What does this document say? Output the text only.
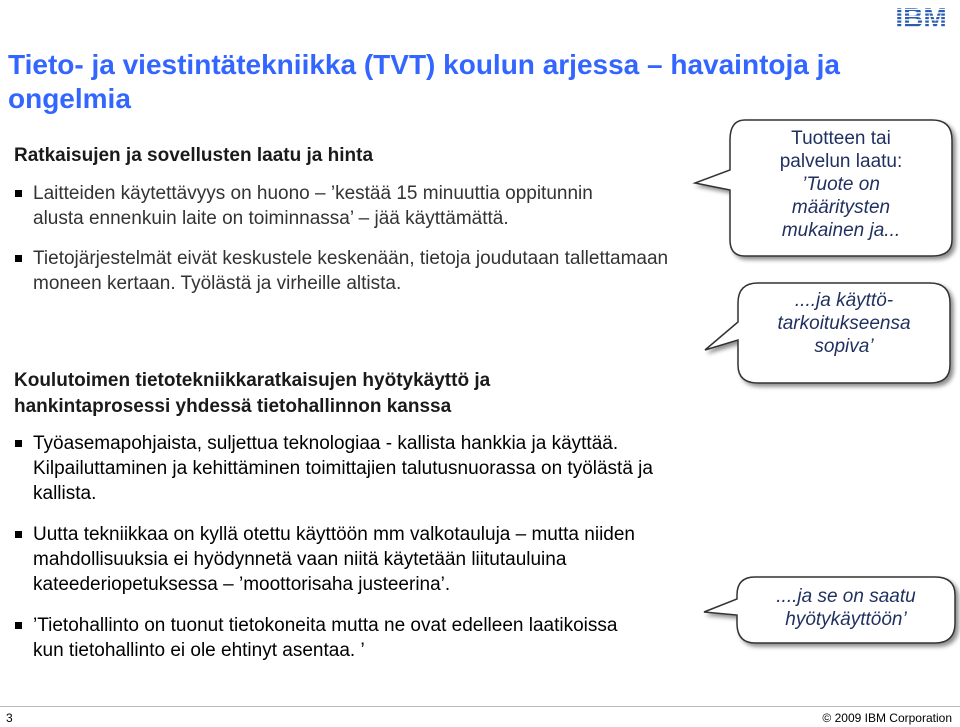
IBM
Tieto- ja viestintätekniikka (TVT) koulun arjessa – havaintoja ja ongelmia
Ratkaisujen ja sovellusten laatu ja hinta
Laitteiden käytettävyys on huono – ’kestää 15 minuuttia oppitunnin alusta ennenkuin laite on toiminnassa’ – jää käyttämättä.
Tietojärjestelmät eivät keskustele keskenään, tietoja joudutaan tallettamaan moneen kertaan. Työlästä ja virheille altista.
Koulutoimen tietotekniikkaratkaisujen hyötykäyttö ja hankintaprosessi yhdessä tietohallinnon kanssa
Työasemapohjaista, suljettua teknologiaa - kallista hankkia ja käyttää. Kilpailuttaminen ja kehittäminen toimittajien talutusnuorassa on työlästä ja kallista.
Uutta tekniikkaa on kyllä otettu käyttöön mm valkotauluja – mutta niiden mahdollisuuksia ei hyödynnetä vaan niitä käytetään liitutauluina kateederiopetuksessa – ’moottorisaha justeerina’.
’Tietohallinto on tuonut tietokoneita mutta ne ovat edelleen laatikoissa kun tietohallinto ei ole ehtinyt asentaa. ’
Tuotteen tai
palvelun laatu:
’Tuote on
määritysten
mukainen ja...
....ja käyttö-
tarkoitukseensa
sopiva’
....ja se on saatu
hyötykäyttöön’
3	© 2009 IBM Corporation
